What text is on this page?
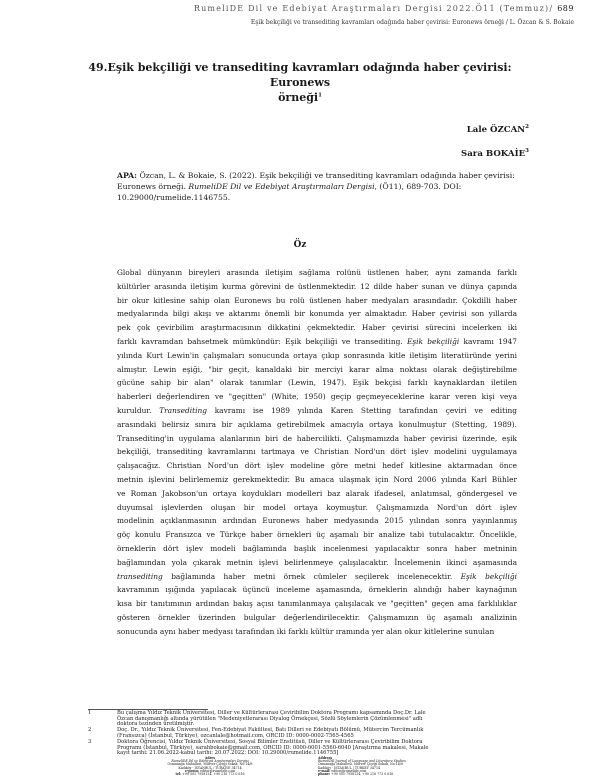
RumeliDE Dil ve Edebiyat Araştırmaları Dergisi 2022.Ö11 (Temmuz)/ 689
Eşik bekçiliği ve transediting kavramları odağında haber çevirisi: Euronews örneği / L. Özcan & S. Bokaie
49.Eşik bekçiliği ve transediting kavramları odağında haber çevirisi: Euronews
örneği$^1$
Lale ÖZCAN$^2$
Sara BOKAİE$^3$
APA: Özcan, L. & Bokaie, S. (2022). Eşik bekçiliği ve transediting kavramları odağında haber çevirisi:
Euronews örneği. RumeliDE Dil ve Edebiyat Araştırmaları Dergisi, (Ö11), 689-703. DOI:
10.29000/rumelide.1146755.
Öz
Global dünyanın bireyleri arasında iletişim sağlama rolünü üstlenen haber, aynı zamanda farklı
kültürler arasında iletişim kurma görevini de üstlenmektedir. 12 dilde haber sunan ve dünya çapında
bir okur kitlesine sahip olan Euronews bu rolü üstlenen haber medyaları arasındadır. Çokdilli haber
medyalarında bilgi akışı ve aktarımı önemli bir konumda yer almaktadır. Haber çevirisi son yıllarda
pek çok çevirbilim araştırmacısının dikkatini çekmektedir. Haber çevirisi sürecini incelerken iki
farklı kavramdan bahsetmek mümkündür: Eşik bekçiliği ve transediting. Eşik bekçiliği kavramı 1947
yılında Kurt Lewin'in çalışmaları sonucunda ortaya çıkıp sonrasında kitle iletişim literatüründe yerini
almıştır. Lewin eşiği, "bir geçit, kanaldaki bir merciyi karar alma noktası olarak değiştirebilme
gücüne sahip bir alan" olarak tanımlar (Lewin, 1947). Eşik bekçisi farklı kaynaklardan iletilen
haberleri değerlendiren ve "geçitten" (White, 1950) geçip geçmeyeceklerine karar veren kişi veya
kuruldur. Transediting kavramı ise 1989 yılında Karen Stetting tarafından çeviri ve editing
arasındaki belirsiz sınıra bir açıklama getirebilmek amacıyla ortaya konulmuştur (Stetting, 1989).
Transediting'in uygulama alanlarının biri de habercilikti. Çalışmamızda haber çevirisi üzerinde, eşik
bekçiliği, transediting kavramlarını tartmaya ve Christian Nord'un dört işlev modelini uygulamaya
çalışacağız. Christian Nord'un dört işlev modeline göre metni hedef kitlesine aktarmadan önce
metnin işlevini belirlememiz gerekmektedir. Bu amaca ulaşmak için Nord 2006 yılında Karl Bühler
ve Roman Jakobson'un ortaya koydukları modelleri baz alarak ifadesel, anlatımsal, göndergesel ve
duyumsal işlevlerden oluşan bir model ortaya koymuştur. Çalışmamızda Nord'un dört işlev
modelinin açıklanmasının ardından Euronews haber medyasında 2015 yılından sonra yayınlanmış
göç konulu Fransızca ve Türkçe haber örnekleri üç aşamalı bir analize tabi tutulacaktır. Öncelikle,
örneklerin dört işlev modeli bağlamında başlık incelenmesi yapılacaktır sonra haber metninin
bağlamından yola çıkarak metnin işlevi belirlenmeye çalışılacaktır. İncelemenin ikinci aşamasında
transediting bağlamında haber metni örnek cümleler seçilerek incelenecektir. Eşik bekçiliği
kavramının ışığında yapılacak üçüncü inceleme aşamasında, örneklerin alındığı haber kaynağının
kısa bir tanıtımının ardından bakış açısı tanımlanmaya çalışılacak ve "geçitten" geçen ama farklılıklar
gösteren örnekler üzerinden bulgular değerlendirilecektir. Çalışmamızın üç aşamalı analizinin
sonucunda aynı haber medyası tarafından iki farklı kültür ıramında yer alan okur kitlelerine sunulan
1	Bu çalışma Yıldız Teknik Üniversitesi, Diller ve Kültürlerarası Çeviribilim Doktora Programı kapsamında Doç.Dr. Lale
Özcan danışmanlığı altında yürütülen "Medeniyetlerarası Diyalog Örnekçesi, Sözlü Söylemlerin Çözümlenmesi" adlı
doktora tezinden üretilmiştir.
2	Doç. Dr., Yıldız Teknik Üniversitesi, Fen-Edebiyat Fakültesi, Batı Dilleri ve Edebiyatı Bölümü, Mütercim Tercümanlık
(Fransızca) (İstanbul, Türkiye), ozcanlale@hotmail.com, ORCID ID: 0000-0002-7565-4565
3	Doktora Öğrencisi, Yıldız Teknik Üniversitesi, Sosyal Bilimler Enstitüsü, Diller ve Kültürlerarası Çeviribilim Doktora
Programı (İstanbul, Türkiye), sarahbokaie@gmail.com, ORCID ID: 0000-0001-5560-6040 [Araştırma makalesi, Makale
kayıt tarihi: 21.06.2022-kabul tarihi: 20.07.2022; DOI: 10.29000/rumelide.1146755]
Adres
RumeliDE Dil ve Edebiyat Araştırmaları Dergisi
Osmanağa Mahallesi, Mürver Çiçeği Sokak, No:14/8
Kadıköy - İSTANBUL / TÜRKİYE 34714
e-posta: editor@rumelide.com
tel: +90 505 7958124, +90 216 773 0 616
Address
RumeliDE Journal of Language and Literature Studies
Osmanağa Mahallesi, Mürver Çiçeği Sokak, No:14/8
Kadıköy - İSTANBUL / TURKEY 34714
e-mail: editor@rumelide.com
phone: +90 505 7958124, +90 216 773 0 616
